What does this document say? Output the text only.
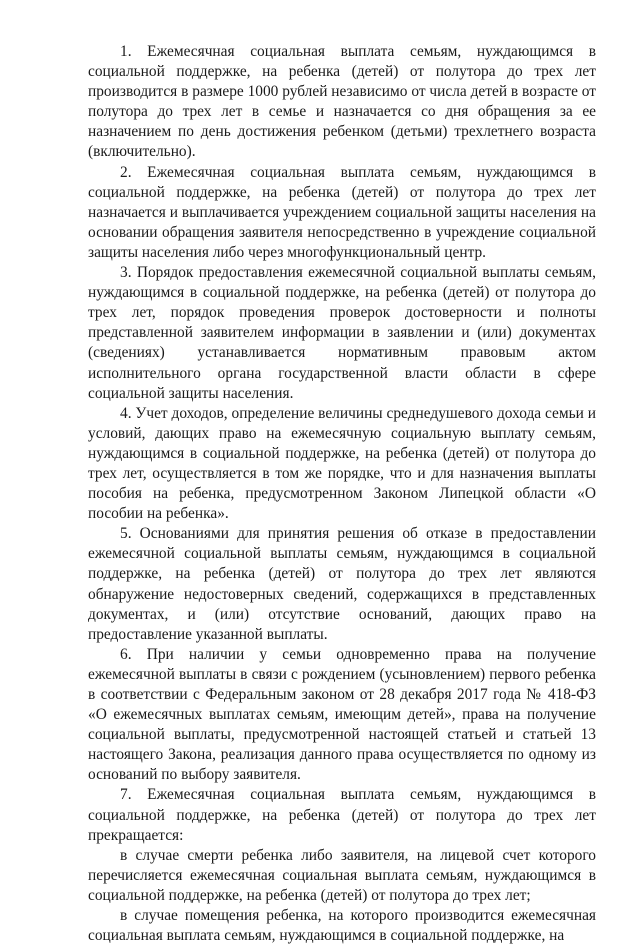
1. Ежемесячная социальная выплата семьям, нуждающимся в социальной поддержке, на ребенка (детей) от полутора до трех лет производится в размере 1000 рублей независимо от числа детей в возрасте от полутора до трех лет в семье и назначается со дня обращения за ее назначением по день достижения ребенком (детьми) трехлетнего возраста (включительно).

2. Ежемесячная социальная выплата семьям, нуждающимся в социальной поддержке, на ребенка (детей) от полутора до трех лет назначается и выплачивается учреждением социальной защиты населения на основании обращения заявителя непосредственно в учреждение социальной защиты населения либо через многофункциональный центр.

3. Порядок предоставления ежемесячной социальной выплаты семьям, нуждающимся в социальной поддержке, на ребенка (детей) от полутора до трех лет, порядок проведения проверок достоверности и полноты представленной заявителем информации в заявлении и (или) документах (сведениях) устанавливается нормативным правовым актом исполнительного органа государственной власти области в сфере социальной защиты населения.

4. Учет доходов, определение величины среднедушевого дохода семьи и условий, дающих право на ежемесячную социальную выплату семьям, нуждающимся в социальной поддержке, на ребенка (детей) от полутора до трех лет, осуществляется в том же порядке, что и для назначения выплаты пособия на ребенка, предусмотренном Законом Липецкой области «О пособии на ребенка».

5. Основаниями для принятия решения об отказе в предоставлении ежемесячной социальной выплаты семьям, нуждающимся в социальной поддержке, на ребенка (детей) от полутора до трех лет являются обнаружение недостоверных сведений, содержащихся в представленных документах, и (или) отсутствие оснований, дающих право на предоставление указанной выплаты.

6. При наличии у семьи одновременно права на получение ежемесячной выплаты в связи с рождением (усыновлением) первого ребенка в соответствии с Федеральным законом от 28 декабря 2017 года № 418-ФЗ «О ежемесячных выплатах семьям, имеющим детей», права на получение социальной выплаты, предусмотренной настоящей статьей и статьей 13 настоящего Закона, реализация данного права осуществляется по одному из оснований по выбору заявителя.

7. Ежемесячная социальная выплата семьям, нуждающимся в социальной поддержке, на ребенка (детей) от полутора до трех лет прекращается:

в случае смерти ребенка либо заявителя, на лицевой счет которого перечисляется ежемесячная социальная выплата семьям, нуждающимся в социальной поддержке, на ребенка (детей) от полутора до трех лет;

в случае помещения ребенка, на которого производится ежемесячная социальная выплата семьям, нуждающимся в социальной поддержке, на
